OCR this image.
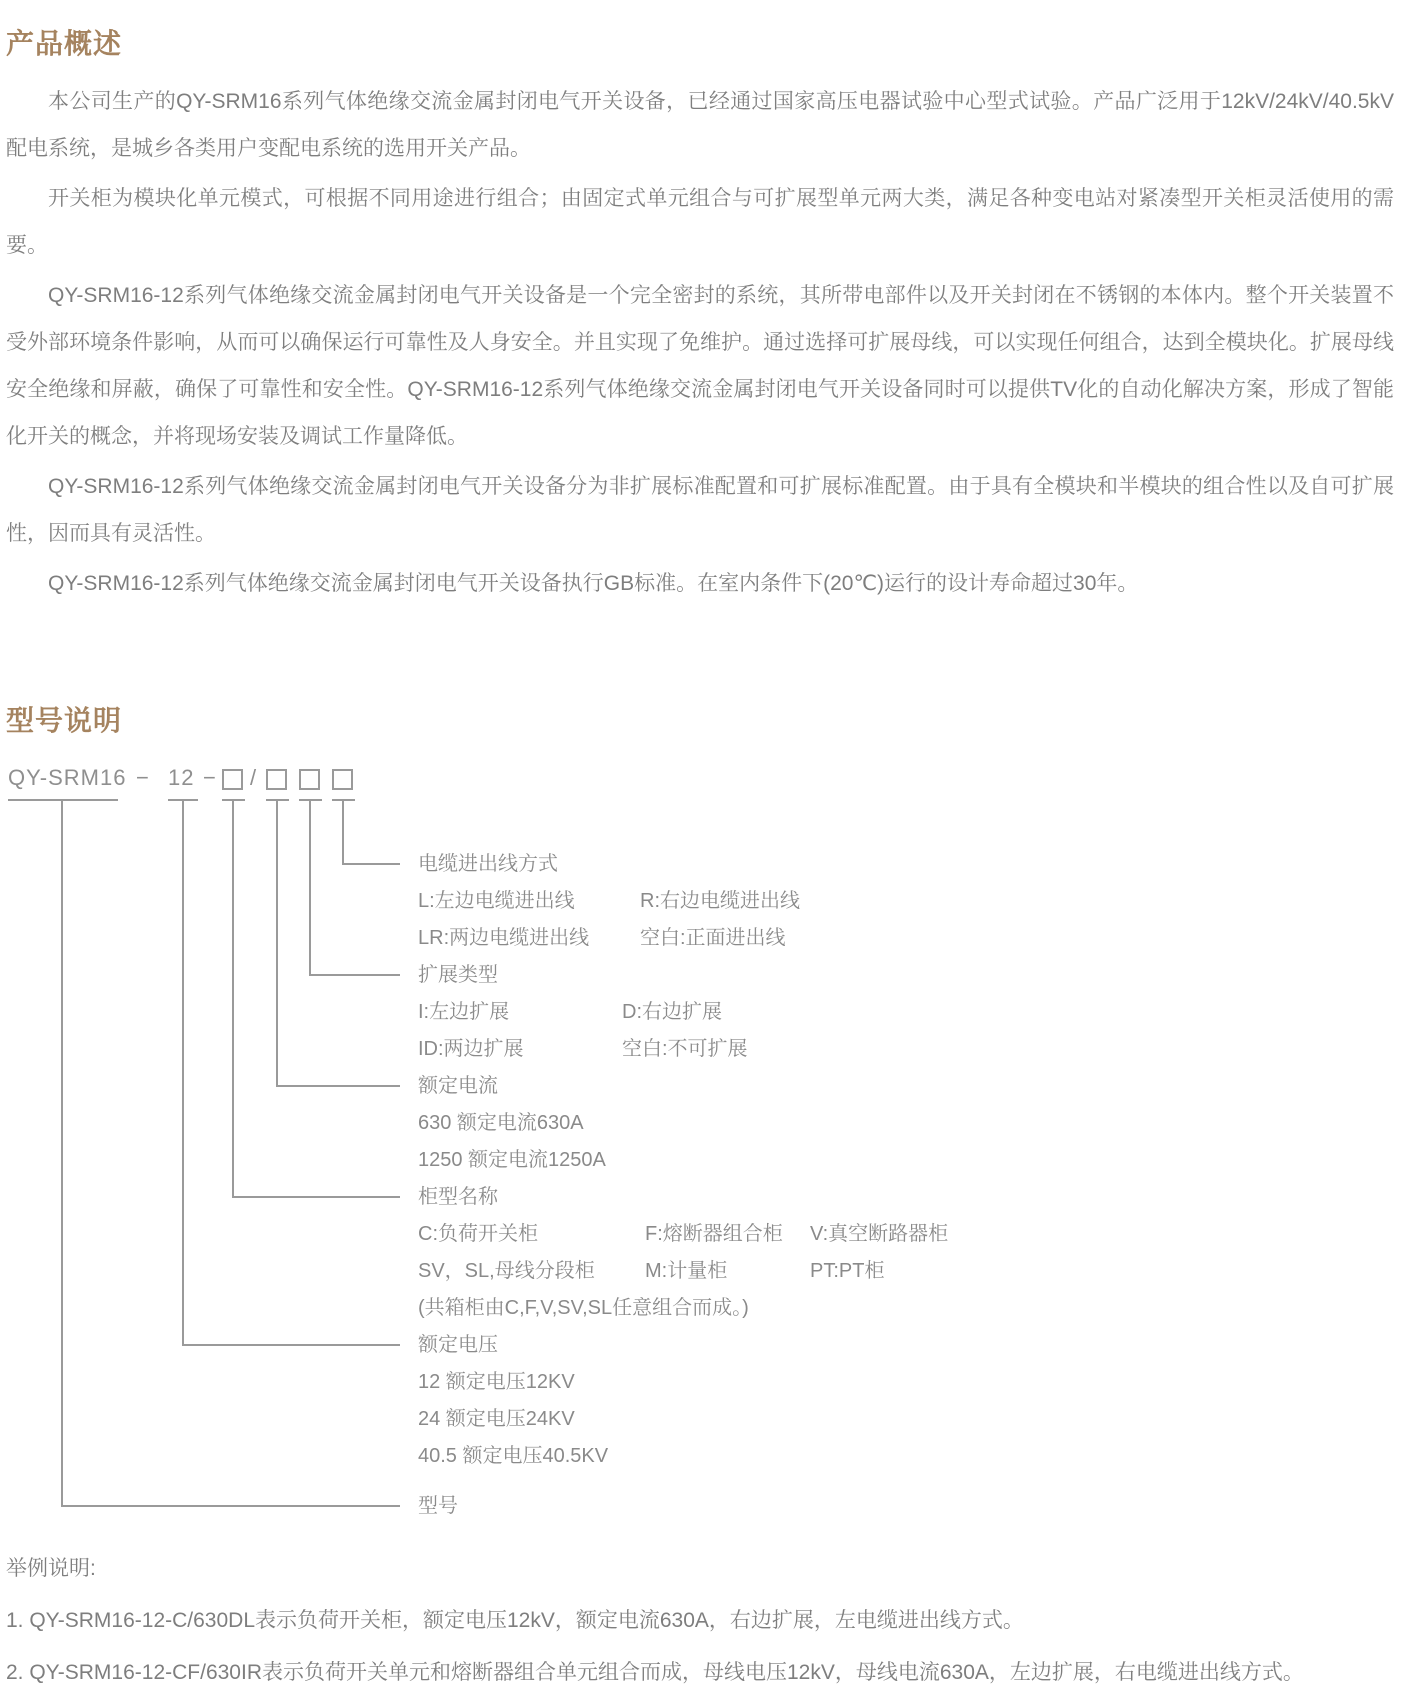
产品概述

本公司生产的QY-SRM16系列气体绝缘交流金属封闭电气开关设备，已经通过国家高压电器试验中心型式试验。产品广泛用于12kV/24kV/40.5kV配电系统，是城乡各类用户变配电系统的选用开关产品。

开关柜为模块化单元模式，可根据不同用途进行组合；由固定式单元组合与可扩展型单元两大类，满足各种变电站对紧凑型开关柜灵活使用的需要。

QY-SRM16-12系列气体绝缘交流金属封闭电气开关设备是一个完全密封的系统，其所带电部件以及开关封闭在不锈钢的本体内。整个开关装置不受外部环境条件影响，从而可以确保运行可靠性及人身安全。并且实现了免维护。通过选择可扩展母线，可以实现任何组合，达到全模块化。扩展母线安全绝缘和屏蔽，确保了可靠性和安全性。QY-SRM16-12系列气体绝缘交流金属封闭电气开关设备同时可以提供TV化的自动化解决方案，形成了智能化开关的概念，并将现场安装及调试工作量降低。

QY-SRM16-12系列气体绝缘交流金属封闭电气开关设备分为非扩展标准配置和可扩展标准配置。由于具有全模块和半模块的组合性以及自可扩展性，因而具有灵活性。

QY-SRM16-12系列气体绝缘交流金属封闭电气开关设备执行GB标准。在室内条件下(20℃)运行的设计寿命超过30年。

型号说明
QY-SRM16 − 12 − /
电缆进出线方式
L:左边电缆进出线	R:右边电缆进出线
LR:两边电缆进出线	空白:正面进出线
扩展类型
I:左边扩展	D:右边扩展
ID:两边扩展	空白:不可扩展
额定电流
630 额定电流630A
1250 额定电流1250A
柜型名称
C:负荷开关柜	F:熔断器组合柜 V:真空断路器柜
SV，SL,母线分段柜	M:计量柜	PT:PT柜
(共箱柜由C,F,V,SV,SL任意组合而成。)
额定电压
12 额定电压12KV
24 额定电压24KV
40.5 额定电压40.5KV
型号
举例说明:
1. QY-SRM16-12-C/630DL表示负荷开关柜，额定电压12kV，额定电流630A，右边扩展，左电缆进出线方式。
2. QY-SRM16-12-CF/630IR表示负荷开关单元和熔断器组合单元组合而成，母线电压12kV，母线电流630A，左边扩展，右电缆进出线方式。
